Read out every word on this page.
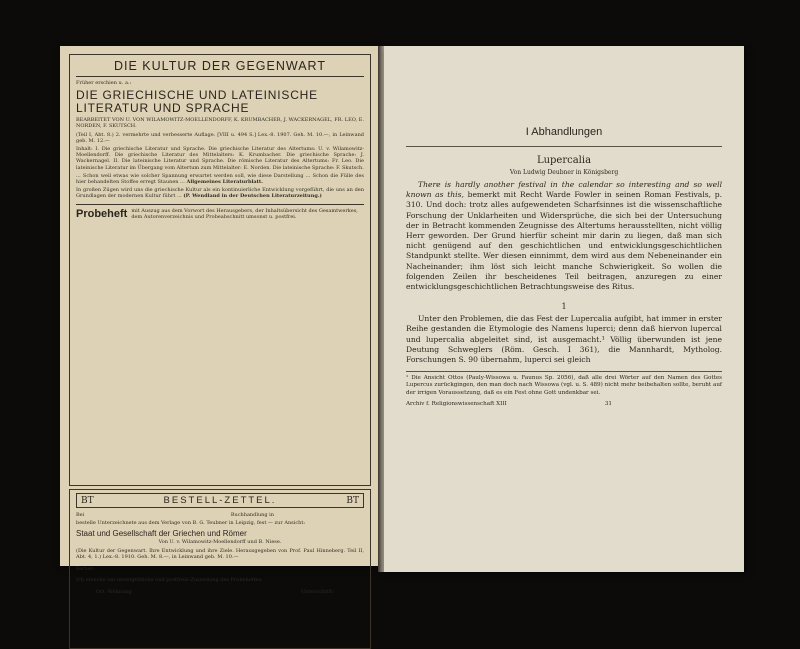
DIE KULTUR DER GEGENWART
Früher erschien u. a.:
DIE GRIECHISCHE UND LATEINISCHE LITERATUR UND SPRACHE
BEARBEITET VON U. VON WILAMOWITZ-MOELLENDORFF, K. KRUMBACHER, J. WACKERNAGEL, FR. LEO, E. NORDEN, F. SKUTSCH.
(Teil I, Abt. 8.) 2. vermehrte und verbesserte Auflage. [VIII u. 494 S.] Lex.-8. 1907. Geh. M. 10.—, in Leinwand geb. M. 12.—
Inhalt: I. Die griechische Literatur und Sprache. Die griechische Literatur des Altertums: U. v. Wilamowitz-Moellendorff. Die griechische Literatur des Mittelalters: K. Krumbacher. Die griechische Sprache: J. Wackernagel. II. Die lateinische Literatur und Sprache. Die römische Literatur des Altertums: Fr. Leo. Die lateinische Literatur im Übergang vom Altertum zum Mittelalter: E. Norden. Die lateinische Sprache: F. Skutsch.
... Schon weil etwas wie solcher Spannung erwartet werden soll, wie diese Darstellung ... Schon die Fülle des hier behandelten Stoffes erregt Staunen ... Allgemeines Literaturblatt.
In großen Zügen wird uns die griechische Kultur als ein kontinuierliche Entwicklung vorgeführt, die uns an den Grundlagen der modernen Kultur führt ... (P. Wendland in der Deutschen Literaturzeitung.)
Probeheft mit Auszug aus dem Vorwort des Herausgebers, der Inhaltsübersicht des Gesamtwerkes, dem Autorenverzeichnis und Probeabschnitt umsonst u. postfrei.
BT	BESTELL-ZETTEL.	BT
Bei	Buchhandlung in
bestelle Unterzeichnete aus dem Verlage von B. G. Teubner in Leipzig, fest — zur Ansicht:
Staat und Gesellschaft der Griechen und Römer
Von U. v. Wilamowitz-Moellendorff und B. Niese.
(Die Kultur der Gegenwart. Ihre Entwicklung und ihre Ziele. Herausgegeben von Prof. Paul Hinneberg. Teil II, Abt. 4, 1.) Lex.-8. 1910. Geh. M. 8.—, in Leinwand geb. M. 10.—
Ferner:
Ich ersuche um unentgeltliche und postfreie Zusendung des Probeheftes.
Ort, Wohnung:	Unterschrift:
I Abhandlungen
Lupercalia
Von Ludwig Deubner in Königsberg
There is hardly another festival in the calendar so interesting and so well known as this, bemerkt mit Recht Warde Fowler in seinen Roman Festivals, p. 310. Und doch: trotz alles aufgewendeten Scharfsinnes ist die wissenschaftliche Forschung der Unklarheiten und Widersprüche, die sich bei der Untersuchung der in Betracht kommenden Zeugnisse des Altertums herausstellten, nicht völlig Herr geworden. Der Grund hierfür scheint mir darin zu liegen, daß man sich nicht genügend auf den geschichtlichen und entwicklungsgeschichtlichen Standpunkt stellte. Wer diesen einnimmt, dem wird aus dem Nebeneinander ein Nacheinander; ihm löst sich leicht manche Schwierigkeit. So wollen die folgenden Zeilen ihr bescheidenes Teil beitragen, anzuregen zu einer entwicklungsgeschichtlichen Betrachtungsweise des Ritus.
1
Unter den Problemen, die das Fest der Lupercalia aufgibt, hat immer in erster Reihe gestanden die Etymologie des Namens luperci; denn daß hiervon lupercal und lupercalia abgeleitet sind, ist ausgemacht.¹ Völlig überwunden ist jene Deutung Schweglers (Röm. Gesch. I 361), die Mannhardt, Mytholog. Forschungen S. 90 übernahm, luperci sei gleich
¹ Die Ansicht Ottos (Pauly-Wissowa u. Faunus Sp. 2056), daß alle drei Wörter auf den Namen des Gottes Lupercus zurückgingen, den man doch nach Wissowa (vgl. u. S. 489) nicht mehr beibehalten sollte, beruht auf der irrigen Voraussetzung, daß es ein Fest ohne Gott undenkbar sei.
Archiv f. Religionswissenschaft XIII	31
